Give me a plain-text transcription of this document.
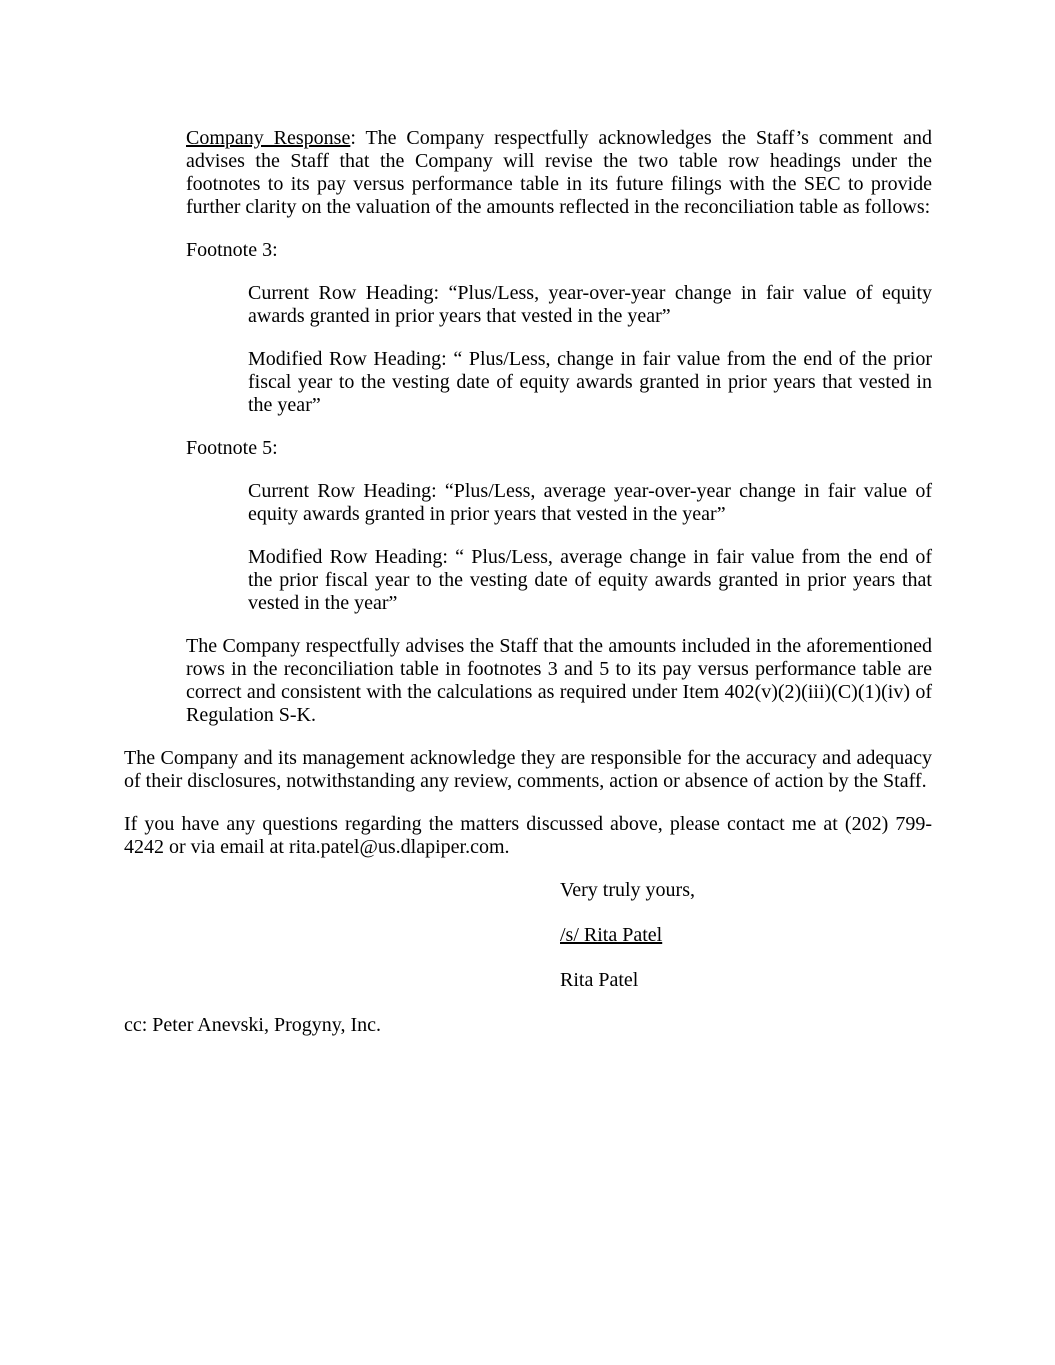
Company Response: The Company respectfully acknowledges the Staff’s comment and advises the Staff that the Company will revise the two table row headings under the footnotes to its pay versus performance table in its future filings with the SEC to provide further clarity on the valuation of the amounts reflected in the reconciliation table as follows:

Footnote 3:

Current Row Heading: “Plus/Less, year-over-year change in fair value of equity awards granted in prior years that vested in the year”

Modified Row Heading: “ Plus/Less, change in fair value from the end of the prior fiscal year to the vesting date of equity awards granted in prior years that vested in the year”

Footnote 5:

Current Row Heading: “Plus/Less, average year-over-year change in fair value of equity awards granted in prior years that vested in the year”

Modified Row Heading: “ Plus/Less, average change in fair value from the end of the prior fiscal year to the vesting date of equity awards granted in prior years that vested in the year”

The Company respectfully advises the Staff that the amounts included in the aforementioned rows in the reconciliation table in footnotes 3 and 5 to its pay versus performance table are correct and consistent with the calculations as required under Item 402(v)(2)(iii)(C)(1)(iv) of Regulation S-K.

The Company and its management acknowledge they are responsible for the accuracy and adequacy of their disclosures, notwithstanding any review, comments, action or absence of action by the Staff.

If you have any questions regarding the matters discussed above, please contact me at (202) 799-4242 or via email at rita.patel@us.dlapiper.com.

Very truly yours,

/s/ Rita Patel

Rita Patel

cc: Peter Anevski, Progyny, Inc.
